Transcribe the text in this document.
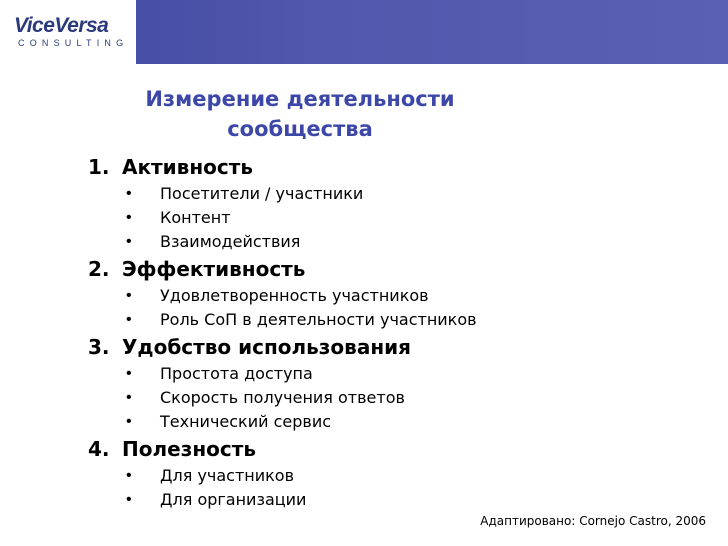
ViceVersa
CONSULTING
Измерение деятельности
сообщества
1. Активность
• Посетители / участники
• Контент
• Взаимодействия
2. Эффективность
• Удовлетворенность участников
• Роль CoП в деятельности участников
3. Удобство использования
• Простота доступа
• Скорость получения ответов
• Технический сервис
4. Полезность
• Для участников
• Для организации
Адаптировано: Cornejo Castro, 2006
